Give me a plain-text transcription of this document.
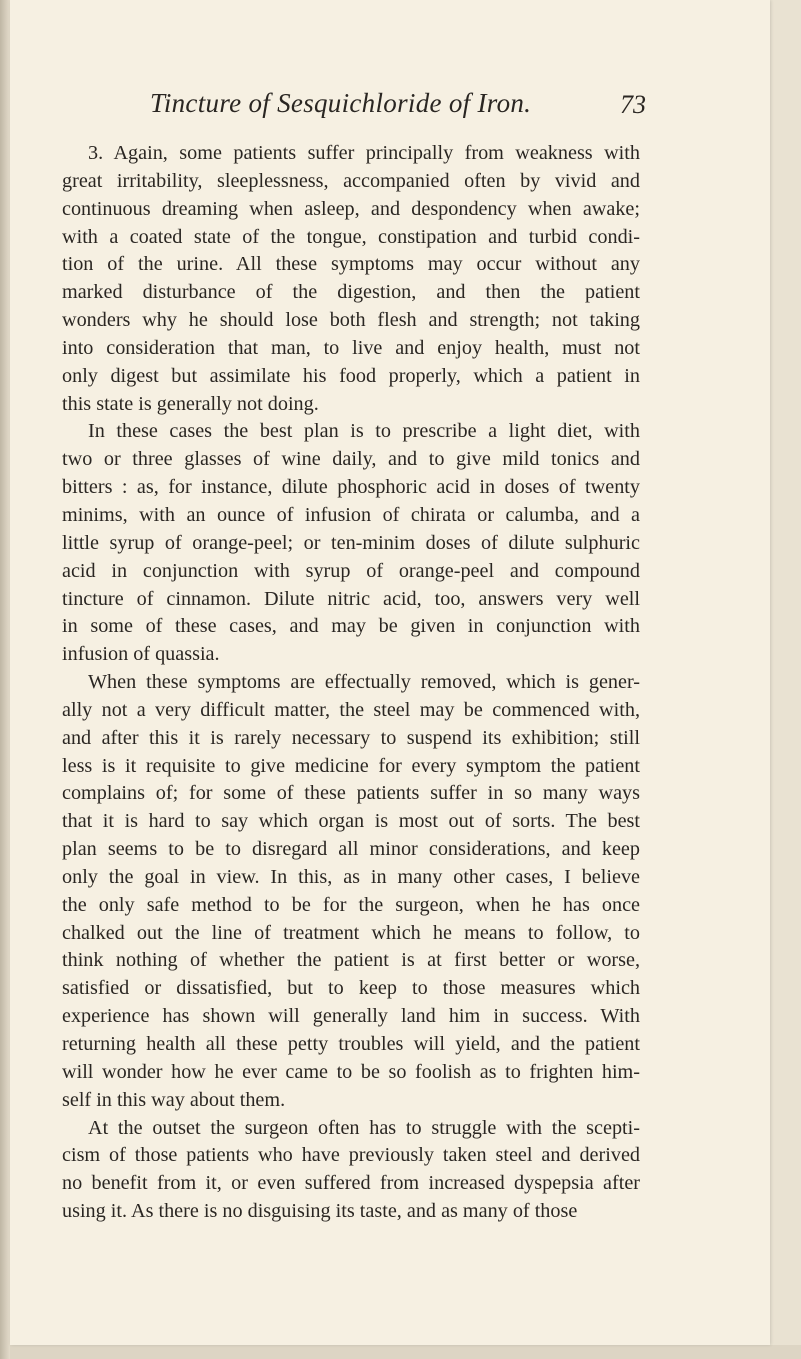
Tincture of Sesquichloride of Iron.	73
3. Again, some patients suffer principally from weakness with
great irritability, sleeplessness, accompanied often by vivid and
continuous dreaming when asleep, and despondency when awake;
with a coated state of the tongue, constipation and turbid condi-
tion of the urine. All these symptoms may occur without any
marked disturbance of the digestion, and then the patient
wonders why he should lose both flesh and strength; not taking
into consideration that man, to live and enjoy health, must not
only digest but assimilate his food properly, which a patient in
this state is generally not doing.
In these cases the best plan is to prescribe a light diet, with
two or three glasses of wine daily, and to give mild tonics and
bitters : as, for instance, dilute phosphoric acid in doses of twenty
minims, with an ounce of infusion of chirata or calumba, and a
little syrup of orange-peel; or ten-minim doses of dilute sulphuric
acid in conjunction with syrup of orange-peel and compound
tincture of cinnamon. Dilute nitric acid, too, answers very well
in some of these cases, and may be given in conjunction with
infusion of quassia.
When these symptoms are effectually removed, which is gener-
ally not a very difficult matter, the steel may be commenced with,
and after this it is rarely necessary to suspend its exhibition; still
less is it requisite to give medicine for every symptom the patient
complains of; for some of these patients suffer in so many ways
that it is hard to say which organ is most out of sorts. The best
plan seems to be to disregard all minor considerations, and keep
only the goal in view. In this, as in many other cases, I believe
the only safe method to be for the surgeon, when he has once
chalked out the line of treatment which he means to follow, to
think nothing of whether the patient is at first better or worse,
satisfied or dissatisfied, but to keep to those measures which
experience has shown will generally land him in success. With
returning health all these petty troubles will yield, and the patient
will wonder how he ever came to be so foolish as to frighten him-
self in this way about them.
At the outset the surgeon often has to struggle with the scepti-
cism of those patients who have previously taken steel and derived
no benefit from it, or even suffered from increased dyspepsia after
using it. As there is no disguising its taste, and as many of those
